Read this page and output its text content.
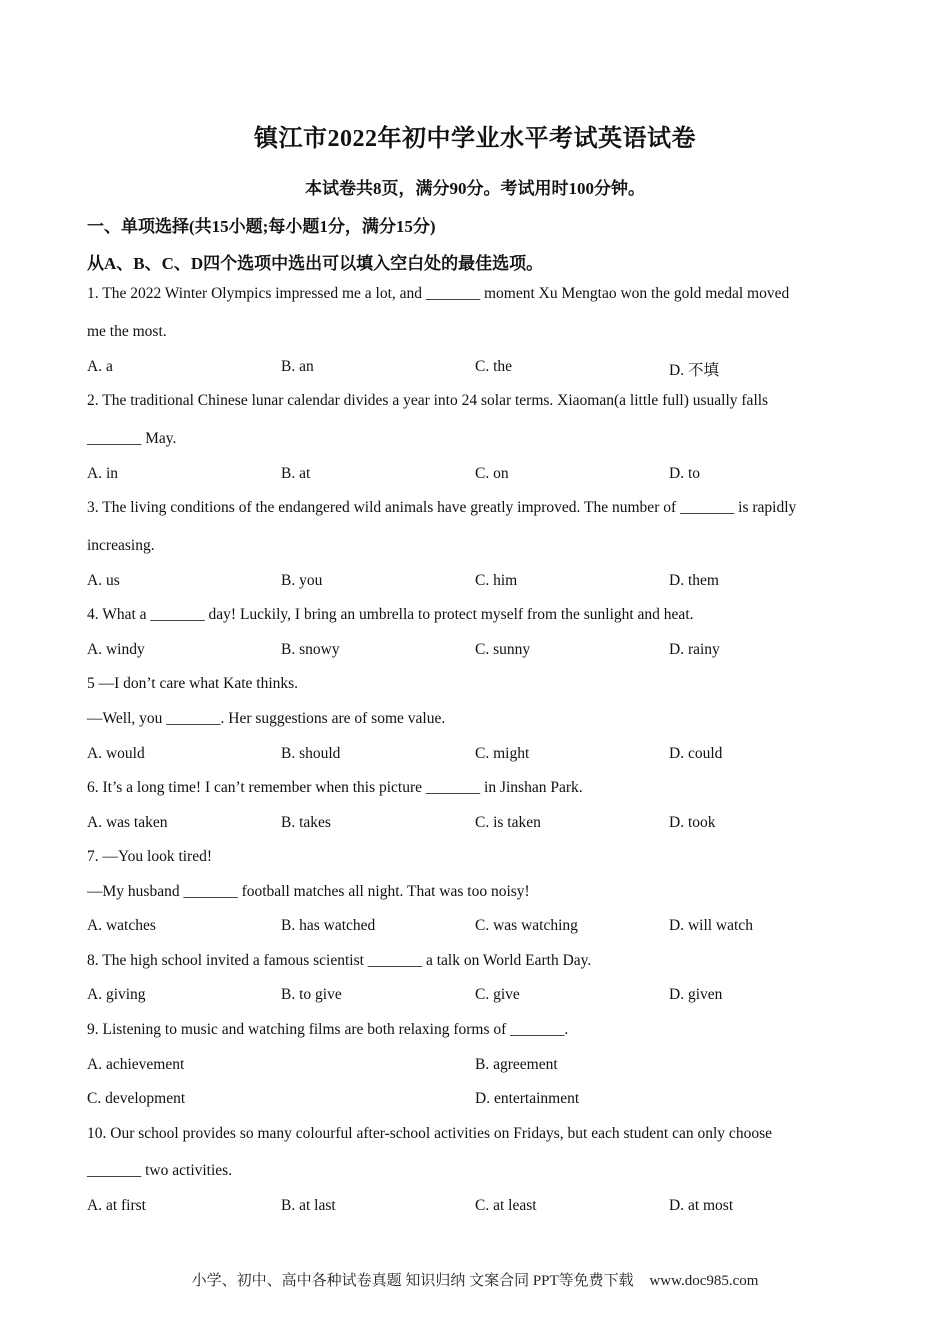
镇江市2022年初中学业水平考试英语试卷
本试卷共8页，满分90分。考试用时100分钟。
一、单项选择(共15小题;每小题1分，满分15分)
从A、B、C、D四个选项中选出可以填入空白处的最佳选项。
1. The 2022 Winter Olympics impressed me a lot, and _______ moment Xu Mengtao won the gold medal moved
me the most.
A. a	B. an	C. the	D. 不填
2. The traditional Chinese lunar calendar divides a year into 24 solar terms. Xiaoman(a little full) usually falls
_______ May.
A. in	B. at	C. on	D. to
3. The living conditions of the endangered wild animals have greatly improved. The number of _______ is rapidly
increasing.
A. us	B. you	C. him	D. them
4. What a _______ day! Luckily, I bring an umbrella to protect myself from the sunlight and heat.
A. windy	B. snowy	C. sunny	D. rainy
5 —I don’t care what Kate thinks.
—Well, you _______. Her suggestions are of some value.
A. would	B. should	C. might	D. could
6. It’s a long time! I can’t remember when this picture _______ in Jinshan Park.
A. was taken	B. takes	C. is taken	D. took
7. —You look tired!
—My husband _______ football matches all night. That was too noisy!
A. watches	B. has watched	C. was watching	D. will watch
8. The high school invited a famous scientist _______ a talk on World Earth Day.
A. giving	B. to give	C. give	D. given
9. Listening to music and watching films are both relaxing forms of _______.
A. achievement	B. agreement
C. development	D. entertainment
10. Our school provides so many colourful after-school activities on Fridays, but each student can only choose
_______ two activities.
A. at first	B. at last	C. at least	D. at most
小学、初中、高中各种试卷真题 知识归纳 文案合同 PPT等免费下载 www.doc985.com
